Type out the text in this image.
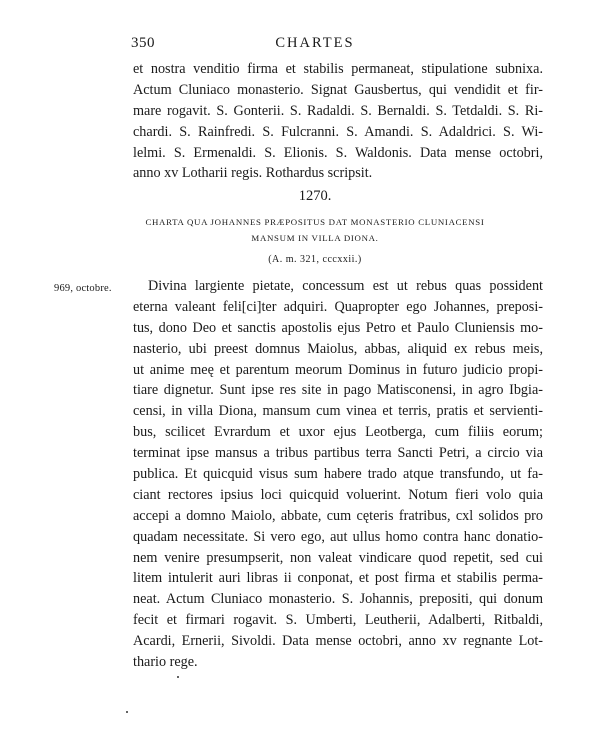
350	CHARTES
et nostra venditio firma et stabilis permaneat, stipulatione subnixa.
Actum Cluniaco monasterio. Signat Gausbertus, qui vendidit et fir-
mare rogavit. S. Gonterii. S. Radaldi. S. Bernaldi. S. Tetdaldi. S. Ri-
chardi. S. Rainfredi. S. Fulcranni. S. Amandi. S. Adaldrici. S. Wi-
lelmi. S. Ermenaldi. S. Elionis. S. Waldonis. Data mense octobri,
anno xv Lotharii regis. Rothardus scripsit.
1270.
CHARTA QUA JOHANNES PRÆPOSITUS DAT MONASTERIO CLUNIACENSI
MANSUM IN VILLA DIONA.
(A. m. 321, cccxxii.)
969, octobre.	Divina largiente pietate, concessum est ut rebus quas possident
eterna valeant feli[ci]ter adquiri. Quapropter ego Johannes, preposi-
tus, dono Deo et sanctis apostolis ejus Petro et Paulo Cluniensis mo-
nasterio, ubi preest domnus Maiolus, abbas, aliquid ex rebus meis,
ut anime meę et parentum meorum Dominus in futuro judicio propi-
tiare dignetur. Sunt ipse res site in pago Matisconensi, in agro Ibgia-
censi, in villa Diona, mansum cum vinea et terris, pratis et servienti-
bus, scilicet Evrardum et uxor ejus Leotberga, cum filiis eorum;
terminat ipse mansus a tribus partibus terra Sancti Petri, a circio via
publica. Et quicquid visus sum habere trado atque transfundo, ut fa-
ciant rectores ipsius loci quicquid voluerint. Notum fieri volo quia
accepi a domno Maiolo, abbate, cum cęteris fratribus, cxl solidos pro
quadam necessitate. Si vero ego, aut ullus homo contra hanc donatio-
nem venire presumpserit, non valeat vindicare quod repetit, sed cui
litem intulerit auri libras ii conponat, et post firma et stabilis perma-
neat. Actum Cluniaco monasterio. S. Johannis, prepositi, qui donum
fecit et firmari rogavit. S. Umberti, Leutherii, Adalberti, Ritbaldi,
Acardi, Ernerii, Sivoldi. Data mense octobri, anno xv regnante Lot-
thario rege.
